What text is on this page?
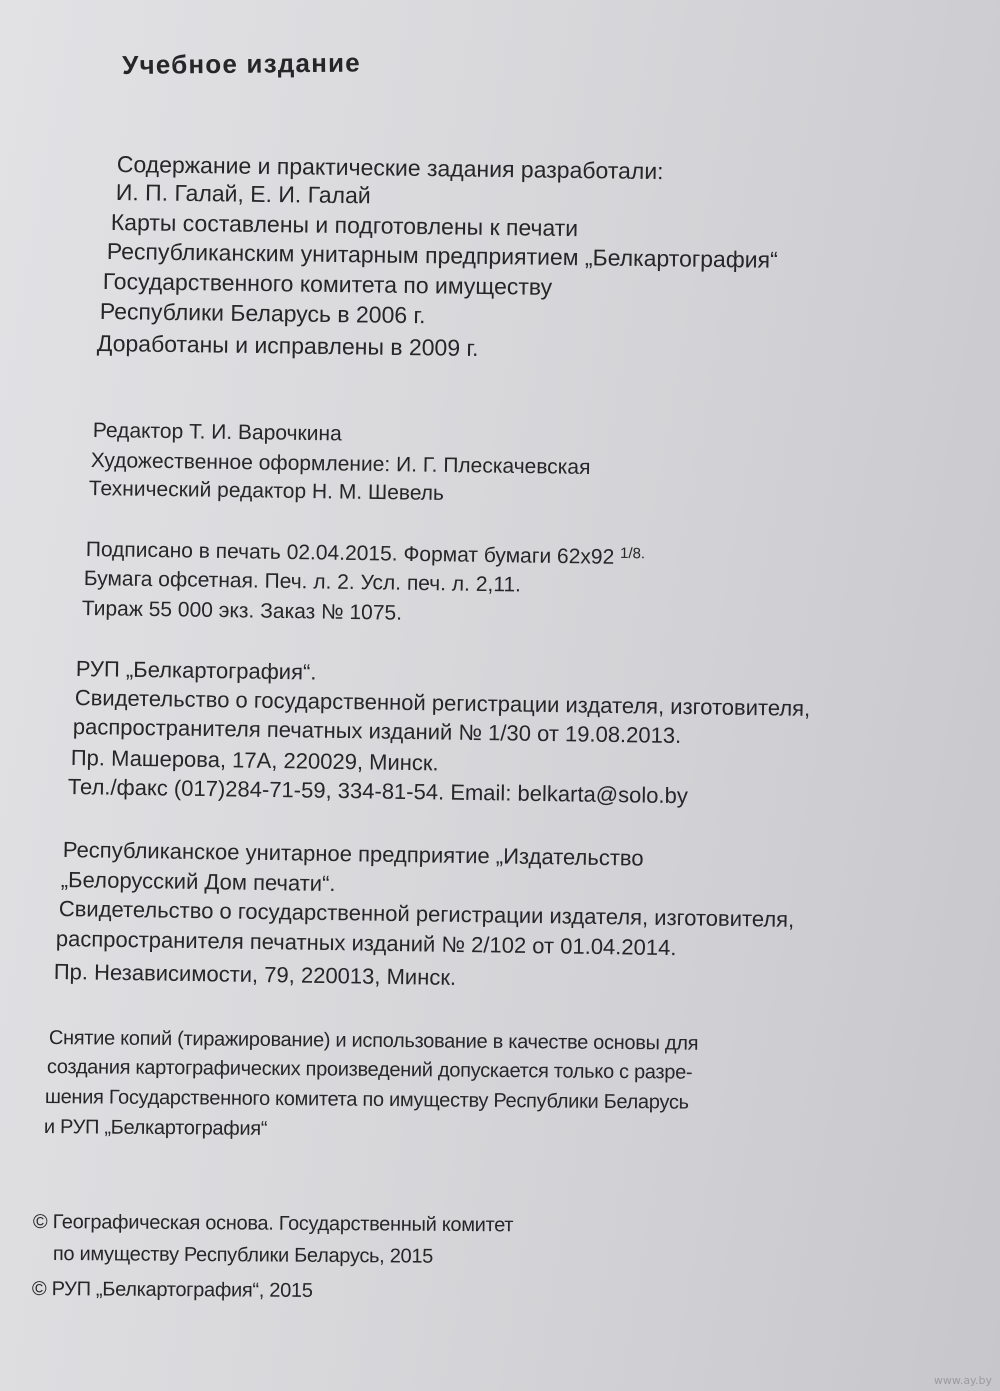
Учебное издание
Содержание и практические задания разработали:
И. П. Галай, Е. И. Галай
Карты составлены и подготовлены к печати
Республиканским унитарным предприятием „Белкартография“
Государственного комитета по имуществу
Республики Беларусь в 2006 г.
Доработаны и исправлены в 2009 г.
Редактор Т. И. Варочкина
Художественное оформление: И. Г. Плескачевская
Технический редактор Н. М. Шевель
Подписано в печать 02.04.2015. Формат бумаги 62x92 $^{1/8.}$
Бумага офсетная. Печ. л. 2. Усл. печ. л. 2,11.
Тираж 55 000 экз. Заказ № 1075.
РУП „Белкартография“.
Свидетельство о государственной регистрации издателя, изготовителя,
распространителя печатных изданий № 1/30 от 19.08.2013.
Пр. Машерова, 17А, 220029, Минск.
Тел./факс (017)284-71-59, 334-81-54. Email: belkarta@solo.by
Республиканское унитарное предприятие „Издательство
„Белорусский Дом печати“.
Свидетельство о государственной регистрации издателя, изготовителя,
распространителя печатных изданий № 2/102 от 01.04.2014.
Пр. Независимости, 79, 220013, Минск.
Снятие копий (тиражирование) и использование в качестве основы для
создания картографических произведений допускается только с разре-
шения Государственного комитета по имуществу Республики Беларусь
и РУП „Белкартография“
© Географическая основа. Государственный комитет
по имуществу Республики Беларусь, 2015
© РУП „Белкартография“, 2015
www.ay.by
